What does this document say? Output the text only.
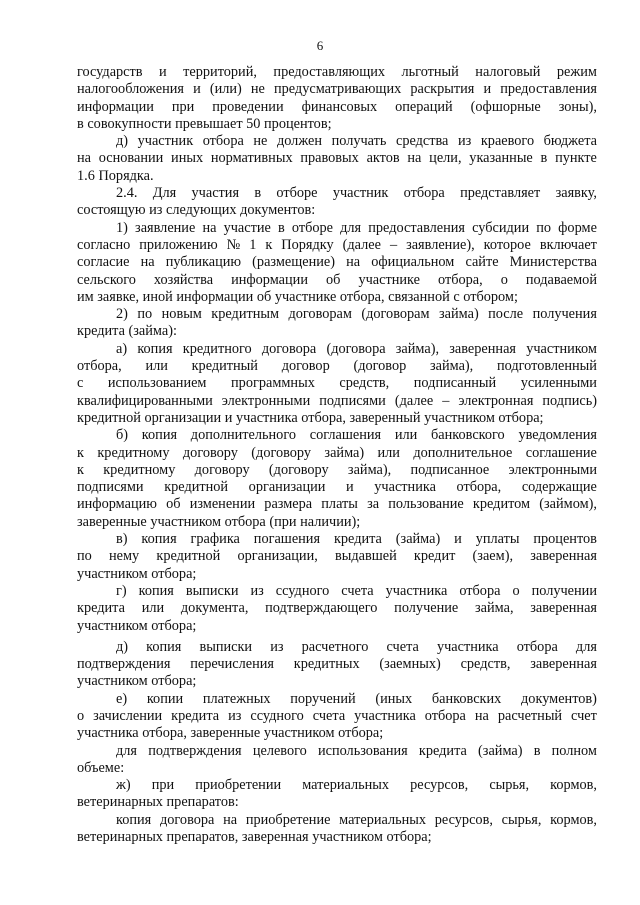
6
государств и территорий, предоставляющих льготный налоговый режим
налогообложения и (или) не предусматривающих раскрытия и предоставления
информации при проведении финансовых операций (офшорные зоны),
в совокупности превышает 50 процентов;
д) участник отбора не должен получать средства из краевого бюджета
на основании иных нормативных правовых актов на цели, указанные в пункте
1.6 Порядка.
2.4. Для участия в отборе участник отбора представляет заявку,
состоящую из следующих документов:
1) заявление на участие в отборе для предоставления субсидии по форме
согласно приложению № 1 к Порядку (далее – заявление), которое включает
согласие на публикацию (размещение) на официальном сайте Министерства
сельского хозяйства информации об участнике отбора, о подаваемой
им заявке, иной информации об участнике отбора, связанной с отбором;
2) по новым кредитным договорам (договорам займа) после получения
кредита (займа):
а) копия кредитного договора (договора займа), заверенная участником
отбора, или кредитный договор (договор займа), подготовленный
с использованием программных средств, подписанный усиленными
квалифицированными электронными подписями (далее – электронная подпись)
кредитной организации и участника отбора, заверенный участником отбора;
б) копия дополнительного соглашения или банковского уведомления
к кредитному договору (договору займа) или дополнительное соглашение
к кредитному договору (договору займа), подписанное электронными
подписями кредитной организации и участника отбора, содержащие
информацию об изменении размера платы за пользование кредитом (займом),
заверенные участником отбора (при наличии);
в) копия графика погашения кредита (займа) и уплаты процентов
по нему кредитной организации, выдавшей кредит (заем), заверенная
участником отбора;
г) копия выписки из ссудного счета участника отбора о получении
кредита или документа, подтверждающего получение займа, заверенная
участником отбора;
д) копия выписки из расчетного счета участника отбора для
подтверждения перечисления кредитных (заемных) средств, заверенная
участником отбора;
е) копии платежных поручений (иных банковских документов)
о зачислении кредита из ссудного счета участника отбора на расчетный счет
участника отбора, заверенные участником отбора;
для подтверждения целевого использования кредита (займа) в полном
объеме:
ж) при приобретении материальных ресурсов, сырья, кормов,
ветеринарных препаратов:
копия договора на приобретение материальных ресурсов, сырья, кормов,
ветеринарных препаратов, заверенная участником отбора;
